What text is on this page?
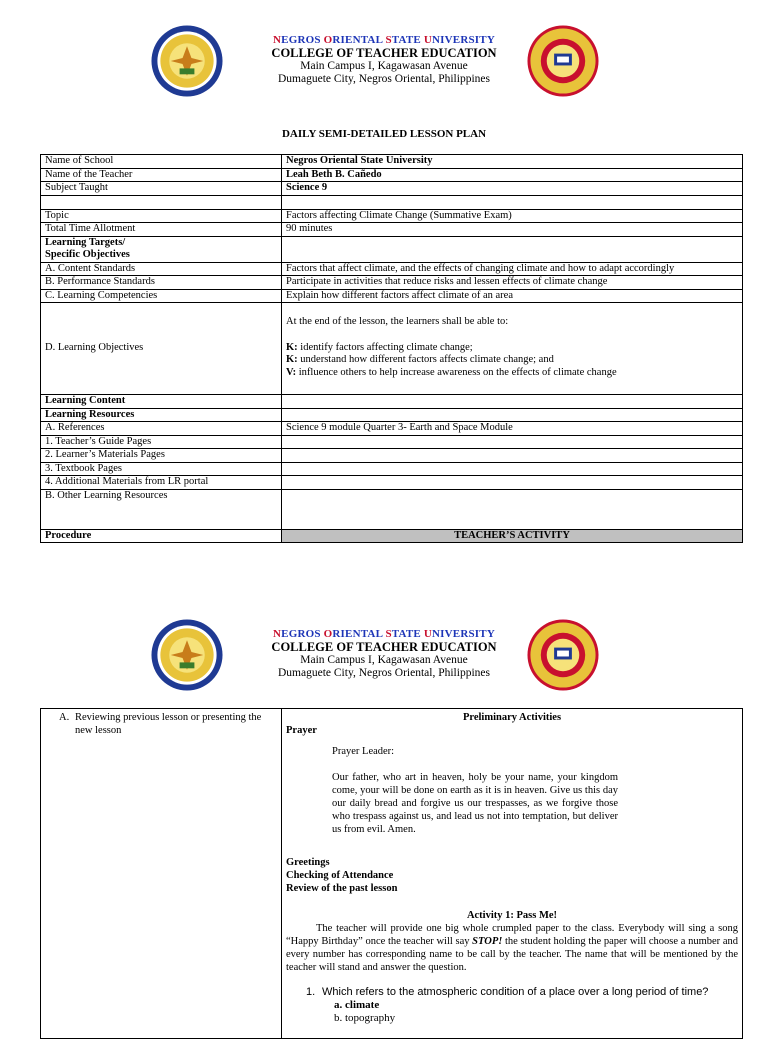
NEGROS ORIENTAL STATE UNIVERSITY
COLLEGE OF TEACHER EDUCATION
Main Campus I, Kagawasan Avenue
Dumaguete City, Negros Oriental, Philippines
DAILY SEMI-DETAILED LESSON PLAN
Name of School	Negros Oriental State University
Name of the Teacher	Leah Beth B. Cañedo
Subject Taught	Science 9

Topic	Factors affecting Climate Change (Summative Exam)
Total Time Allotment	90 minutes

Learning Targets/
Specific Objectives	

A. Content Standards	Factors that affect climate, and the effects of changing climate and how to adapt accordingly
B. Performance Standards	Participate in activities that reduce risks and lessen effects of climate change
C. Learning Competencies	Explain how different factors affect climate of an area
D. Learning Objectives	At the end of the lesson, the learners shall be able to:
K: identify factors affecting climate change;
K: understand how different factors affects climate change; and
V: influence others to help increase awareness on the effects of climate change

Learning Content	
Learning Resources	
A. References	Science 9 module Quarter 3- Earth and Space Module
1. Teacher’s Guide Pages	
2. Learner’s Materials Pages	
3. Textbook Pages	
4. Additional Materials from LR portal	
B. Other Learning Resources	
Procedure	TEACHER’S ACTIVITY
NEGROS ORIENTAL STATE UNIVERSITY
COLLEGE OF TEACHER EDUCATION
Main Campus I, Kagawasan Avenue
Dumaguete City, Negros Oriental, Philippines
A. Reviewing previous lesson or presenting the new lesson

Preliminary Activities
Prayer
Prayer Leader:
Our father, who art in heaven, holy be your name, your kingdom come, your will be done on earth as it is in heaven. Give us this day our daily bread and forgive us our trespasses, as we forgive those who trespass against us, and lead us not into temptation, but deliver us from evil. Amen.
Greetings
Checking of Attendance
Review of the past lesson
Activity 1: Pass Me!
The teacher will provide one big whole crumpled paper to the class. Everybody will sing a song “Happy Birthday” once the teacher will say STOP! the student holding the paper will choose a number and every number has corresponding name to be call by the teacher. The name that will be mentioned by the teacher will stand and answer the question.
1. Which refers to the atmospheric condition of a place over a long period of time?
a. climate
b. topography
